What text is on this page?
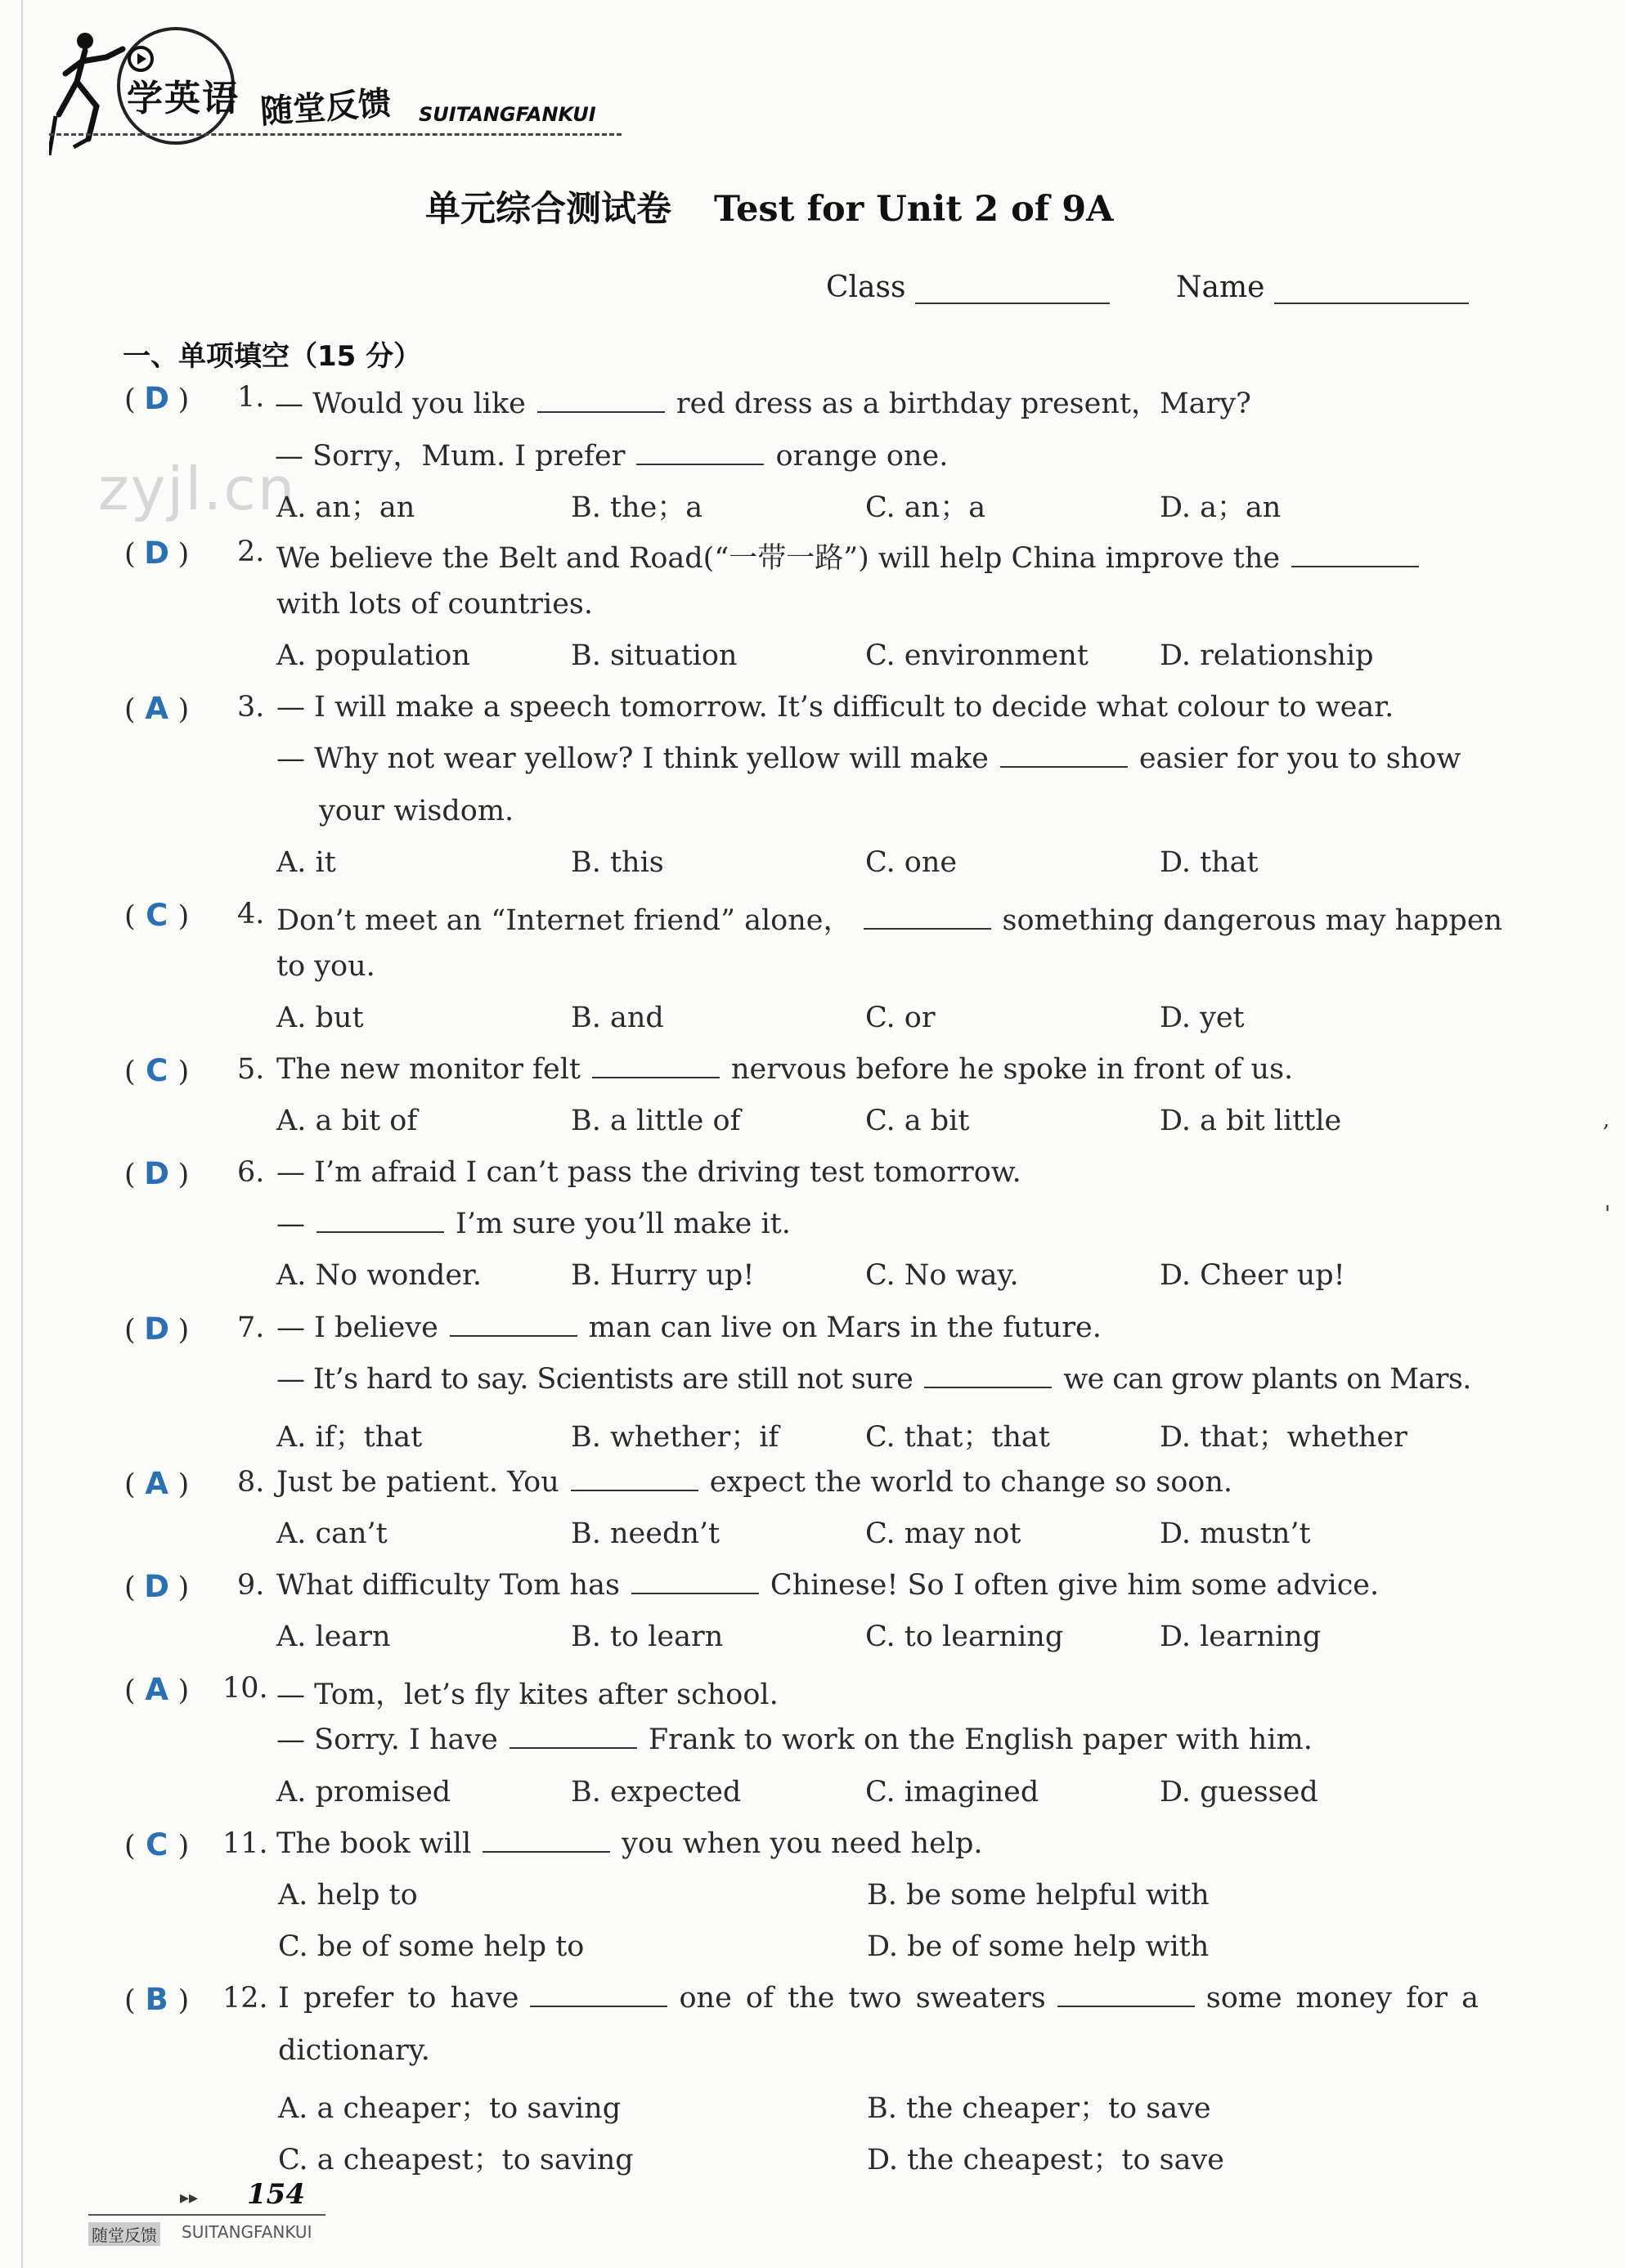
学英语 随堂反馈 SUITANGFANKUI
单元综合测试卷 Test for Unit 2 of 9A
Class	Name
一、单项填空（15 分）
zyjl.cn
( D ) 1. — Would you like	red dress as a birthday present，Mary?
— Sorry，Mum. I prefer	orange one.
A. an；an	B. the；a	C. an；a	D. a；an
( D ) 2. We believe the Belt and Road(“一带一路”) will help China improve the
with lots of countries.
A. population	B. situation	C. environment D. relationship
( A ) 3. — I will make a speech tomorrow. It’s difficult to decide what colour to wear.
— Why not wear yellow? I think yellow will make	easier for you to show
your wisdom.
A. it	B. this	C. one	D. that
( C ) 4. Don’t meet an “Internet friend” alone，	something dangerous may happen
to you.
A. but	B. and	C. or	D. yet
( C ) 5. The new monitor felt	nervous before he spoke in front of us.
A. a bit of	B. a little of	C. a bit	D. a bit little
( D ) 6. — I’m afraid I can’t pass the driving test tomorrow.
—	I’m sure you’ll make it.
A. No wonder.	B. Hurry up!	C. No way.	D. Cheer up!
( D ) 7. — I believe	man can live on Mars in the future.
— It’s hard to say. Scientists are still not sure	we can grow plants on Mars.
A. if；that	B. whether；if	C. that；that	D. that；whether
( A ) 8. Just be patient. You	expect the world to change so soon.
A. can’t	B. needn’t	C. may not	D. mustn’t
( D ) 9. What difficulty Tom has	Chinese! So I often give him some advice.
A. learn	B. to learn	C. to learning	D. learning
( A ) 10. — Tom，let’s fly kites after school.
— Sorry. I have	Frank to work on the English paper with him.
A. promised	B. expected	C. imagined	D. guessed
( C ) 11. The book will	you when you need help.
A. help to	B. be some helpful with
C. be of some help to	D. be of some help with
( B ) 12. I prefer to have	one of the two sweaters	some money for a
dictionary.
A. a cheaper；to saving	B. the cheaper；to save
C. a cheapest；to saving	D. the cheapest；to save
,
'
▸▸ 154
随堂反馈 SUITANGFANKUI
